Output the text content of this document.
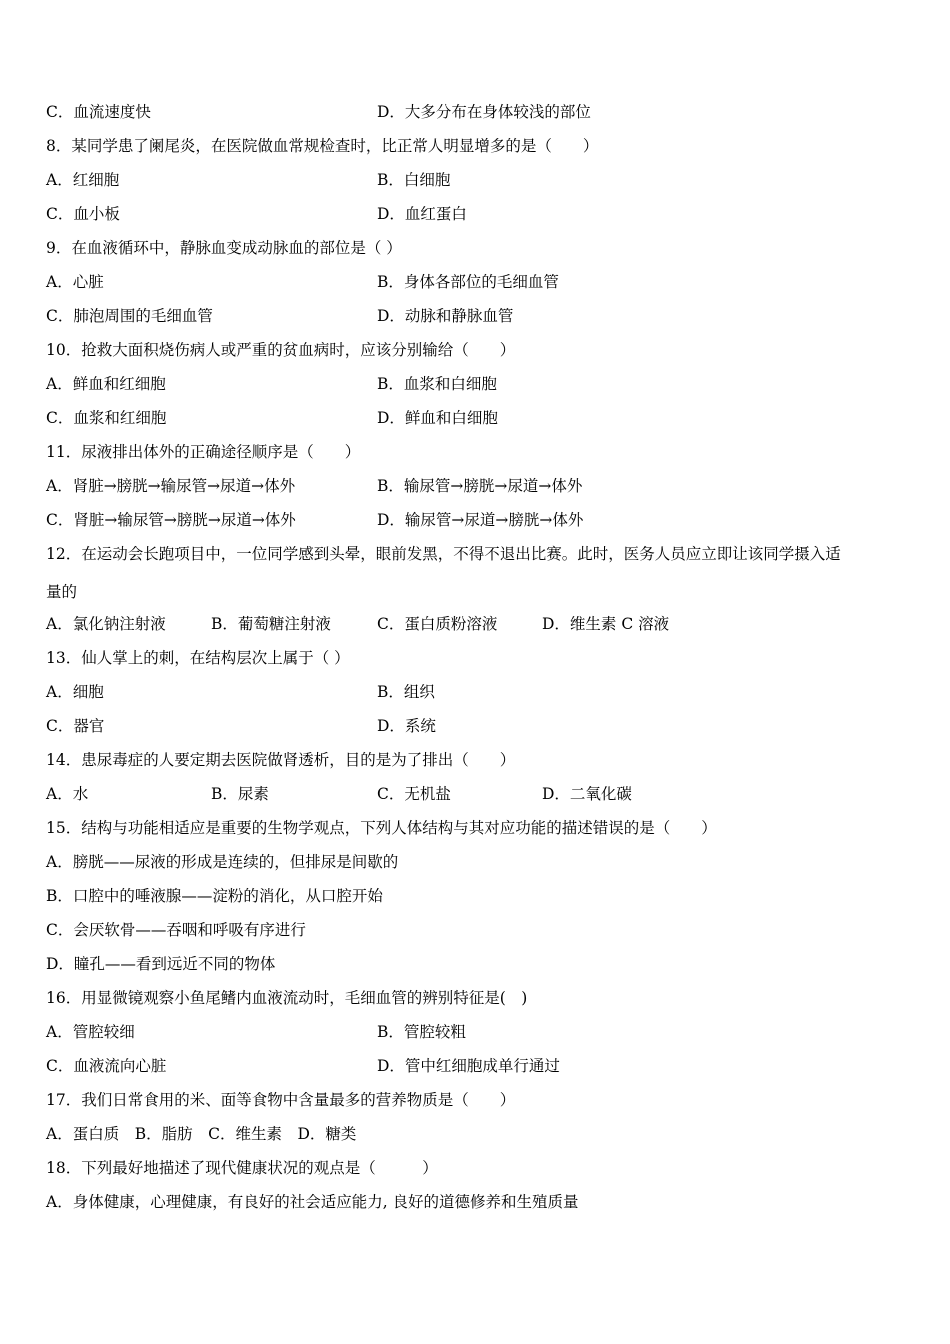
C．血流速度快	D．大多分布在身体较浅的部位
8．某同学患了阑尾炎，在医院做血常规检查时，比正常人明显增多的是（　　）
A．红细胞	B．白细胞
C．血小板	D．血红蛋白
9．在血液循环中，静脉血变成动脉血的部位是（ ）
A．心脏	B．身体各部位的毛细血管
C．肺泡周围的毛细血管	D．动脉和静脉血管
10．抢救大面积烧伤病人或严重的贫血病时，应该分别输给（　　）
A．鲜血和红细胞	B．血浆和白细胞
C．血浆和红细胞	D．鲜血和白细胞
11．尿液排出体外的正确途径顺序是（　　）
A．肾脏→膀胱→输尿管→尿道→体外	B．输尿管→膀胱→尿道→体外
C．肾脏→输尿管→膀胱→尿道→体外	D．输尿管→尿道→膀胱→体外
12．在运动会长跑项目中，一位同学感到头晕，眼前发黑，不得不退出比赛。此时，医务人员应立即让该同学摄入适
量的
A．氯化钠注射液	B．葡萄糖注射液	C．蛋白质粉溶液	D．维生素 C 溶液
13．仙人掌上的刺，在结构层次上属于（ ）
A．细胞	B．组织
C．器官	D．系统
14．患尿毒症的人要定期去医院做肾透析，目的是为了排出（　　）
A．水	B．尿素	C．无机盐	D．二氧化碳
15．结构与功能相适应是重要的生物学观点，下列人体结构与其对应功能的描述错误的是（　　）
A．膀胱——尿液的形成是连续的，但排尿是间歇的
B．口腔中的唾液腺——淀粉的消化，从口腔开始
C．会厌软骨——吞咽和呼吸有序进行
D．瞳孔——看到远近不同的物体
16．用显微镜观察小鱼尾鳍内血液流动时，毛细血管的辨别特征是(　)
A．管腔较细	B．管腔较粗
C．血液流向心脏	D．管中红细胞成单行通过
17．我们日常食用的米、面等食物中含量最多的营养物质是（　　）
A．蛋白质　B．脂肪　C．维生素　D．糖类
18．下列最好地描述了现代健康状况的观点是（　　　）
A．身体健康，心理健康，有良好的社会适应能力, 良好的道德修养和生殖质量
